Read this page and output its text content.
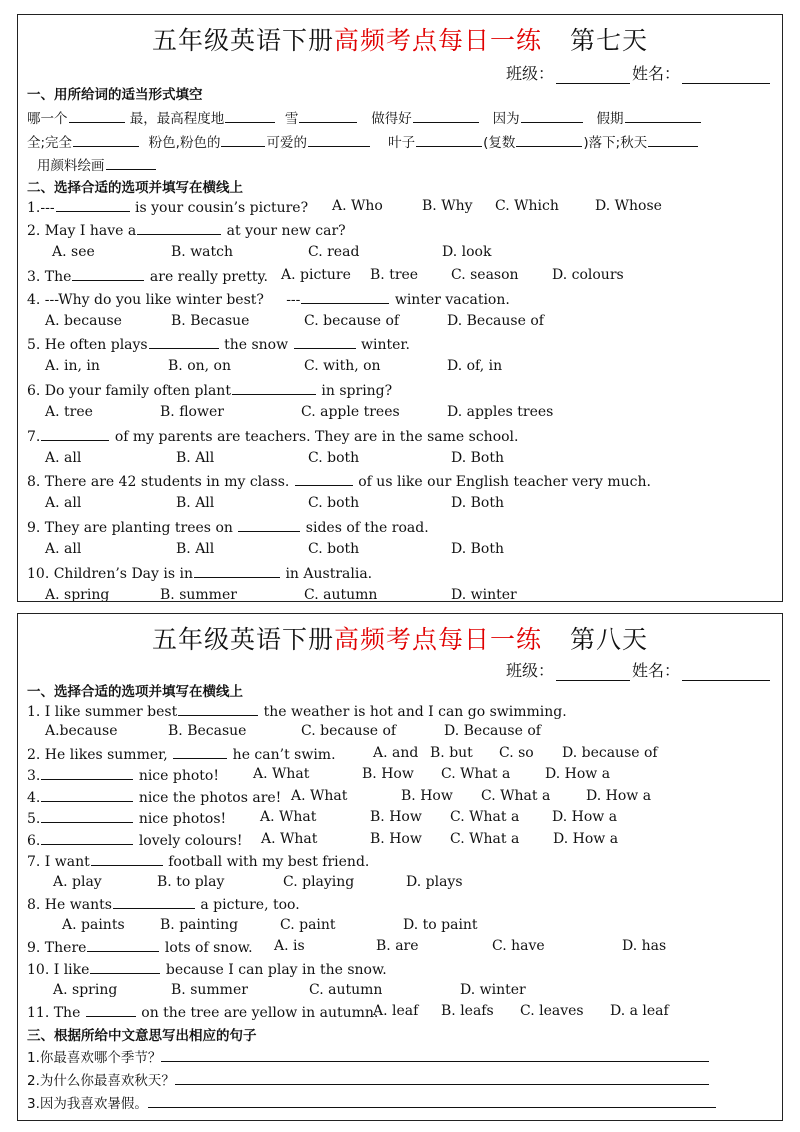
五年级英语下册高频考点每日一练 第七天
班级：	姓名：
一、用所给词的适当形式填空
哪一个	最，最高程度地	雪	做得好	因为	假期
全;完全	粉色,粉色的	可爱的	叶子	(复数	)落下;秋天
用颜料绘画
二、选择合适的选项并填写在横线上
1.---	is your cousin’s picture? A. Who	B. Why C. Which	D. Whose
2. May I have a	at your new car?
A. see	B. watch	C. read	D. look
3. The	are really pretty. A. picture B. tree C. season D. colours
4. ---Why do you like winter best? ---	winter vacation.
A. because	B. Becasue	C. because of	D. Because of
5. He often plays	the snow	winter.
A. in, in	B. on, on	C. with, on	D. of, in
6. Do your family often plant	in spring?
A. tree	B. flower	C. apple trees	D. apples trees
7.	of my parents are teachers. They are in the same school.
A. all	B. All	C. both	D. Both
8. There are 42 students in my class.	of us like our English teacher very much.
A. all	B. All	C. both	D. Both
9. They are planting trees on	sides of the road.
A. all	B. All	C. both	D. Both
10. Children’s Day is in	in Australia.
A. spring	B. summer	C. autumn	D. winter
五年级英语下册高频考点每日一练 第八天
班级：	姓名：
一、选择合适的选项并填写在横线上
1. I like summer best	the weather is hot and I can go swimming.
A.because	B. Becasue	C. because of	D. Because of
2. He likes summer,	he can’t swim.	A. and B. but C. so D. because of
3.	nice photo! A. What	B. How C. What a D. How a
4.	nice the photos are! A. What	B. How C. What a	D. How a
5.	nice photos! A. What	B. How C. What a D. How a
6.	lovely colours! A. What	B. How C. What a D. How a
7. I want	football with my best friend.
A. play	B. to play	C. playing	D. plays
8. He wants	a picture, too.
A. paints	B. painting	C. paint	D. to paint
9. There	lots of snow. A. is	B. are	C. have	D. has
10. I like	because I can play in the snow.
A. spring	B. summer	C. autumn	D. winter
11. The	on the tree are yellow in autumn.
A. leaf B. leafs C. leaves D. a leaf
三、根据所给中文意思写出相应的句子
1.你最喜欢哪个季节？
2.为什么你最喜欢秋天？
3.因为我喜欢暑假。
